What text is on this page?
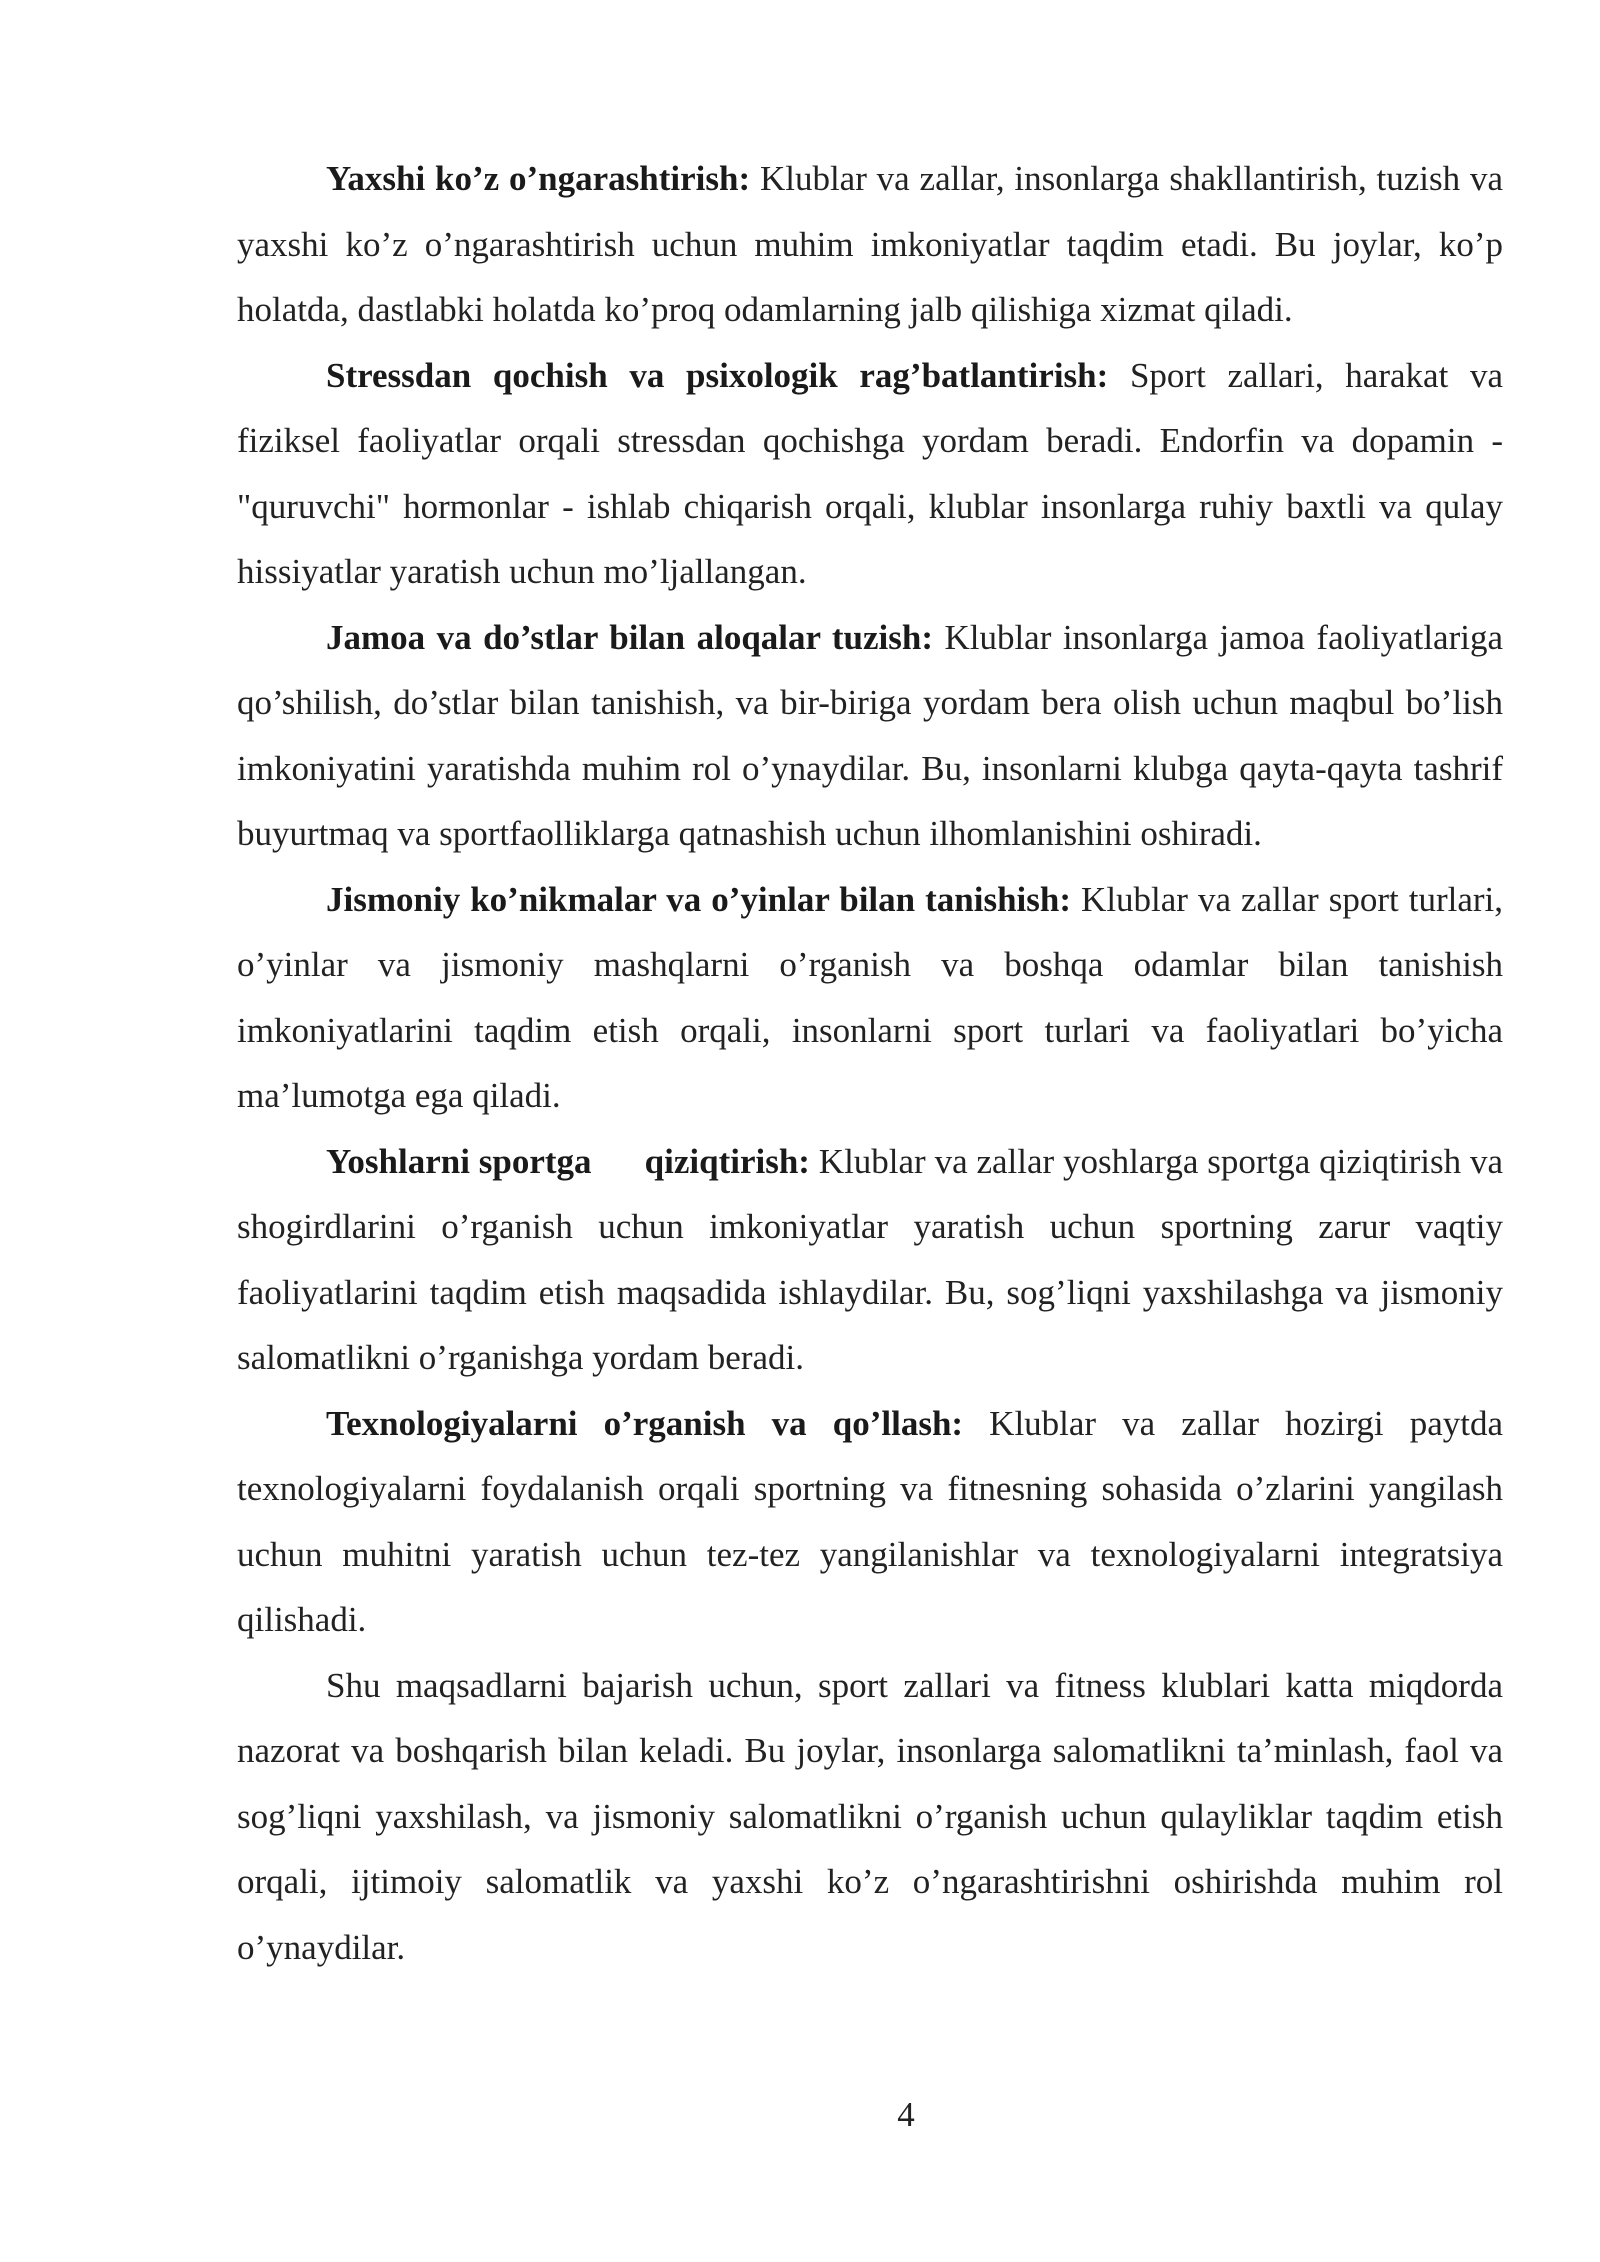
Yaxshi ko’z o’ngarashtirish: Klublar va zallar, insonlarga shakllantirish, tuzish va yaxshi ko’z o’ngarashtirish uchun muhim imkoniyatlar taqdim etadi. Bu joylar, ko’p holatda, dastlabki holatda ko’proq odamlarning jalb qilishiga xizmat qiladi.

Stressdan qochish va psixologik rag’batlantirish: Sport zallari, harakat va fiziksel faoliyatlar orqali stressdan qochishga yordam beradi. Endorfin va dopamin - "quruvchi" hormonlar - ishlab chiqarish orqali, klublar insonlarga ruhiy baxtli va qulay hissiyatlar yaratish uchun mo’ljallangan.

Jamoa va do’stlar bilan aloqalar tuzish: Klublar insonlarga jamoa faoliyatlariga qo’shilish, do’stlar bilan tanishish, va bir-biriga yordam bera olish uchun maqbul bo’lish imkoniyatini yaratishda muhim rol o’ynaydilar. Bu, insonlarni klubga qayta-qayta tashrif buyurtmaq va sportfaolliklarga qatnashish uchun ilhomlanishini oshiradi.

Jismoniy ko’nikmalar va o’yinlar bilan tanishish: Klublar va zallar sport turlari, o’yinlar va jismoniy mashqlarni o’rganish va boshqa odamlar bilan tanishish imkoniyatlarini taqdim etish orqali, insonlarni sport turlari va faoliyatlari bo’yicha ma’lumotga ega qiladi.

Yoshlarni sportga      qiziqtirish: Klublar va zallar yoshlarga sportga qiziqtirish va shogirdlarini o’rganish uchun imkoniyatlar yaratish uchun sportning zarur vaqtiy faoliyatlarini taqdim etish maqsadida ishlaydilar. Bu, sog’liqni yaxshilashga va jismoniy salomatlikni o’rganishga yordam beradi.

Texnologiyalarni o’rganish va qo’llash: Klublar va zallar hozirgi paytda texnologiyalarni foydalanish orqali sportning va fitnesning sohasida o’zlarini yangilash uchun muhitni yaratish uchun tez-tez yangilanishlar va texnologiyalarni integratsiya qilishadi.

Shu maqsadlarni bajarish uchun, sport zallari va fitness klublari katta miqdorda nazorat va boshqarish bilan keladi. Bu joylar, insonlarga salomatlikni ta’minlash, faol va sog’liqni yaxshilash, va jismoniy salomatlikni o’rganish uchun qulayliklar taqdim etish orqali, ijtimoiy salomatlik va yaxshi ko’z o’ngarashtirishni oshirishda muhim rol o’ynaydilar.

4
